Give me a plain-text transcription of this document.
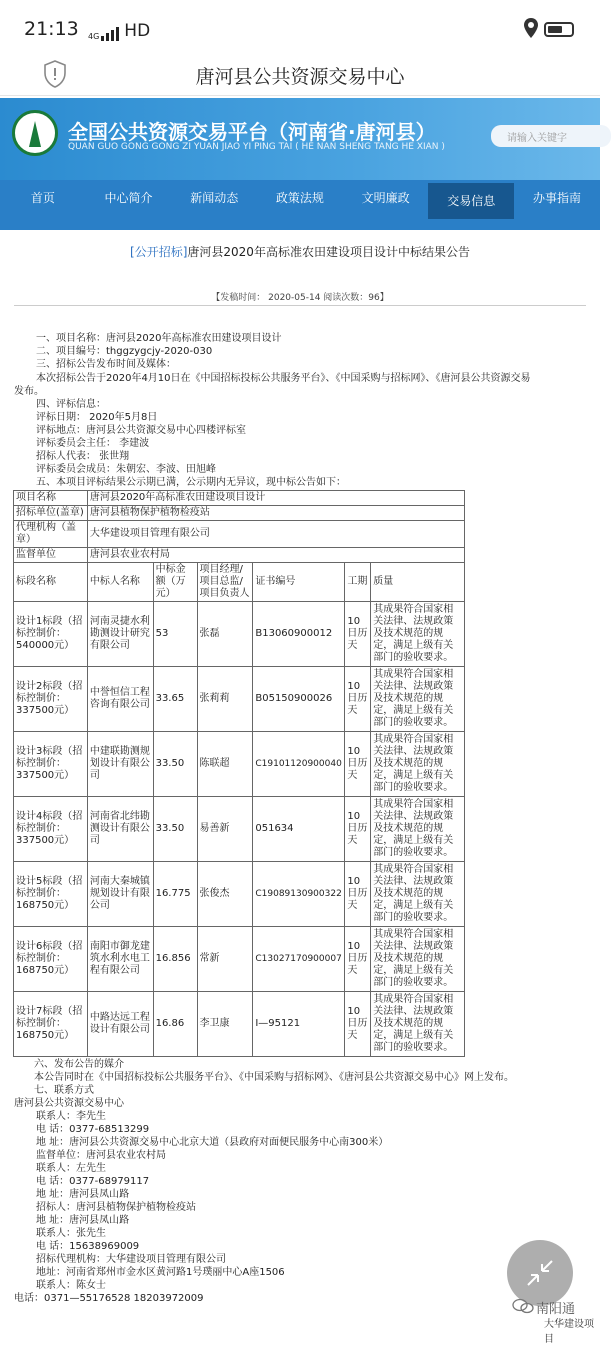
21:13 4G HD
唐河县公共资源交易中心
全国公共资源交易平台（河南省·唐河县）
QUAN GUO GONG GONG ZI YUAN JIAO YI PING TAI ( HE NAN SHENG TANG HE XIAN )
请输入关键字
首页	中心简介	新闻动态	政策法规	文明廉政	交易信息	办事指南
[公开招标]唐河县2020年高标准农田建设项目设计中标结果公告
【发稿时间： 2020-05-14 阅读次数：96】
一、项目名称：唐河县2020年高标准农田建设项目设计
二、项目编号：thggzygcjy-2020-030
三、招标公告发布时间及媒体：
本次招标公告于2020年4月10日在《中国招标投标公共服务平台》、《中国采购与招标网》、《唐河县公共资源交易
发布。
四、评标信息：
评标日期： 2020年5月8日
评标地点：唐河县公共资源交易中心四楼评标室
评标委员会主任： 李建波
招标人代表： 张世翔
评标委员会成员：朱朝宏、李波、田旭峰
五、本项目评标结果公示期已满，公示期内无异议，现中标公告如下：
项目名称	唐河县2020年高标准农田建设项目设计					
招标单位(盖章)	唐河县植物保护植物检疫站					
代理机构（盖章）	大华建设项目管理有限公司					
监督单位	唐河县农业农村局					
标段名称	中标人名称	中标金额（万元）	项目经理/项目总监/项目负责人	证书编号	工期	质量
设计1标段（招标控制价：540000元）	河南灵捷水利勘测设计研究有限公司	53	张磊	B13060900012	10日历天	其成果符合国家相关法律、法规政策及技术规范的规定，满足上级有关部门的验收要求。
设计2标段（招标控制价：337500元）	中誉恒信工程咨询有限公司	33.65	张莉莉	B05150900026	10日历天	其成果符合国家相关法律、法规政策及技术规范的规定，满足上级有关部门的验收要求。
设计3标段（招标控制价：337500元）	中建联勘测规划设计有限公司	33.50	陈联超	C19101120900040	10日历天	其成果符合国家相关法律、法规政策及技术规范的规定，满足上级有关部门的验收要求。
设计4标段（招标控制价：337500元）	河南省北纬勘测设计有限公司	33.50	易善新	051634	10日历天	其成果符合国家相关法律、法规政策及技术规范的规定，满足上级有关部门的验收要求。
设计5标段（招标控制价：168750元）	河南大秦城镇规划设计有限公司	16.775	张俊杰	C19089130900322	10日历天	其成果符合国家相关法律、法规政策及技术规范的规定，满足上级有关部门的验收要求。
设计6标段（招标控制价：168750元）	南阳市御龙建筑水利水电工程有限公司	16.856	常新	C13027170900007	10日历天	其成果符合国家相关法律、法规政策及技术规范的规定，满足上级有关部门的验收要求。
设计7标段（招标控制价：168750元）	中路达远工程设计有限公司	16.86	李卫康	I—95121	10日历天	其成果符合国家相关法律、法规政策及技术规范的规定，满足上级有关部门的验收要求。
六、发布公告的媒介
本公告同时在《中国招标投标公共服务平台》、《中国采购与招标网》、《唐河县公共资源交易中心》网上发布。
七、联系方式
唐河县公共资源交易中心
联系人：李先生
电 话：0377-68513299
地 址：唐河县公共资源交易中心北京大道（县政府对面便民服务中心南300米）
监督单位：唐河县农业农村局
联系人：左先生
电 话：0377-68979117
地 址：唐河县凤山路
招标人：唐河县植物保护植物检疫站
地 址：唐河县凤山路
联系人：张先生
电 话：15638969009
招标代理机构：大华建设项目管理有限公司
地址：河南省郑州市金水区黄河路1号璞丽中心A座1506
联系人：陈女士
电话：0371—55176528 18203972009
南阳通
大华建设项目
